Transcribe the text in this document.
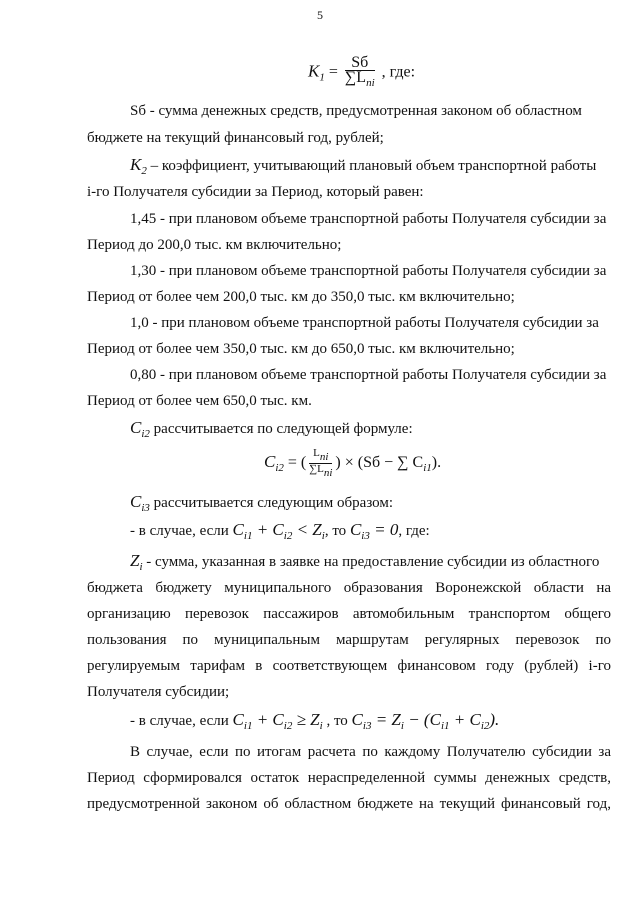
5
$K_1 = \frac{Sб}{\sum L_{ni}}$ , где:
Sб - сумма денежных средств, предусмотренная законом об областном
бюджете на текущий финансовый год, рублей;
$K_2$ – коэффициент, учитывающий плановый объем транспортной работы
i-го Получателя субсидии за Период, который равен:
1,45 - при плановом объеме транспортной работы Получателя субсидии за
Период до 200,0 тыс. км включительно;
1,30 - при плановом объеме транспортной работы Получателя субсидии за
Период от более чем 200,0 тыс. км до 350,0 тыс. км включительно;
1,0 - при плановом объеме транспортной работы Получателя субсидии за
Период от более чем 350,0 тыс. км до 650,0 тыс. км включительно;
0,80 - при плановом объеме транспортной работы Получателя субсидии за
Период от более чем 650,0 тыс. км.
$C_{i2}$ рассчитывается по следующей формуле:
$C_{i2}$ = ( $\frac{\text{Lni}}{\text{∑Lni}}$ ) × (Sб − ∑ $C_{i1}$).
$C_{i3}$ рассчитывается следующим образом:
- в случае, если $C_{i1} + C_{i2} < Z_i$, то $C_{i3} = 0$, где:
$Z_i$ - сумма, указанная в заявке на предоставление субсидии из областного
бюджета бюджету муниципального образования Воронежской области на
организацию перевозок пассажиров автомобильным транспортом общего
пользования по муниципальным маршрутам регулярных перевозок по
регулируемым тарифам в соответствующем финансовом году (рублей) i-го
Получателя субсидии;
- в случае, если $C_{i1} + C_{i2} \ge Z_i$ , то $C_{i3} = Z_i - (C_{i1} + C_{i2})$.
В случае, если по итогам расчета по каждому Получателю субсидии за
Период сформировался остаток нераспределенной суммы денежных средств,
предусмотренной законом об областном бюджете на текущий финансовый год,
